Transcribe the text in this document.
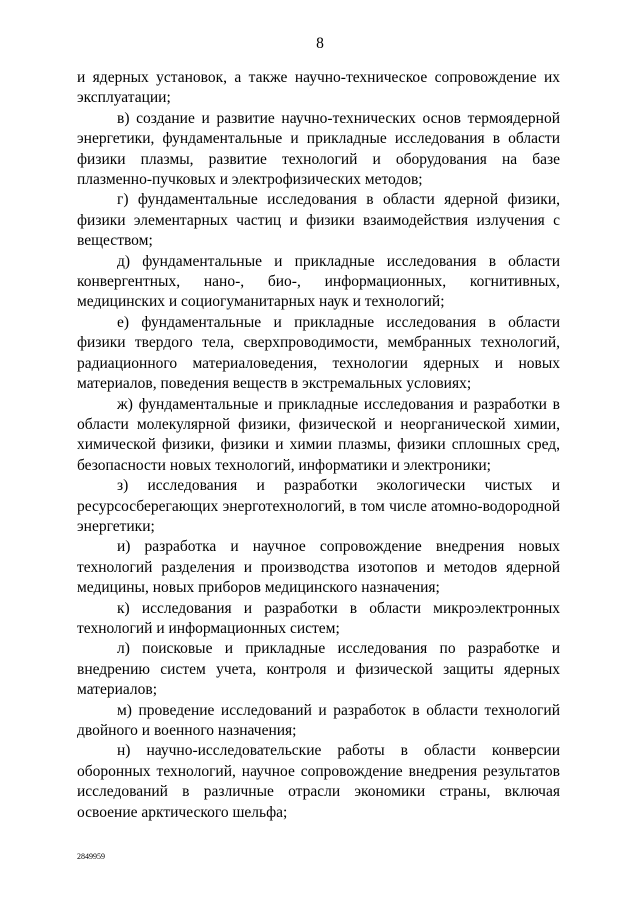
8

и ядерных установок, а также научно-техническое сопровождение их эксплуатации;

в) создание и развитие научно-технических основ термоядерной энергетики, фундаментальные и прикладные исследования в области физики плазмы, развитие технологий и оборудования на базе плазменно-пучковых и электрофизических методов;

г) фундаментальные исследования в области ядерной физики, физики элементарных частиц и физики взаимодействия излучения с веществом;

д) фундаментальные и прикладные исследования в области конвергентных, нано-, био-, информационных, когнитивных, медицинских и социогуманитарных наук и технологий;

е) фундаментальные и прикладные исследования в области физики твердого тела, сверхпроводимости, мембранных технологий, радиационного материаловедения, технологии ядерных и новых материалов, поведения веществ в экстремальных условиях;

ж) фундаментальные и прикладные исследования и разработки в области молекулярной физики, физической и неорганической химии, химической физики, физики и химии плазмы, физики сплошных сред, безопасности новых технологий, информатики и электроники;

з) исследования и разработки экологически чистых и ресурсосберегающих энерготехнологий, в том числе атомно-водородной энергетики;

и) разработка и научное сопровождение внедрения новых технологий разделения и производства изотопов и методов ядерной медицины, новых приборов медицинского назначения;

к) исследования и разработки в области микроэлектронных технологий и информационных систем;

л) поисковые и прикладные исследования по разработке и внедрению систем учета, контроля и физической защиты ядерных материалов;

м) проведение исследований и разработок в области технологий двойного и военного назначения;

н) научно-исследовательские работы в области конверсии оборонных технологий, научное сопровождение внедрения результатов исследований в различные отрасли экономики страны, включая освоение арктического шельфа;

2849959
